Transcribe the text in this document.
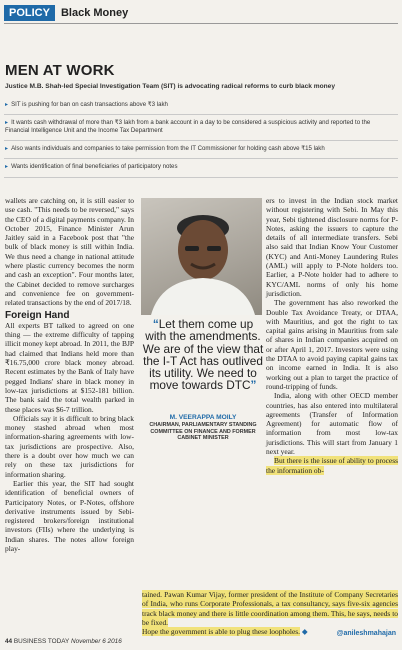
POLICY	Black Money
MEN AT WORK
Justice M.B. Shah-led Special Investigation Team (SIT) is advocating radical reforms to curb black money
▸ SIT is pushing for ban on cash transactions above ₹3 lakh
▸ It wants cash withdrawal of more than ₹3 lakh from a bank account in a day to be considered a suspicious activity and reported to the Financial Intelligence Unit and the Income Tax Department
▸ Also wants individuals and companies to take permission from the IT Commissioner for holding cash above ₹15 lakh
▸ Wants identification of final beneficiaries of participatory notes

wallets are catching on, it is still easier to use cash. "This needs to be reversed," says the CEO of a digital payments company. In October 2015, Finance Minister Arun Jaitley said in a Facebook post that "the bulk of black money is still within India. We thus need a change in national attitude where plastic currency becomes the norm and cash an exception". Four months later, the Cabinet decided to remove surcharges and convenience fee on government-related transactions by the end of 2017/18.

Foreign Hand

All experts BT talked to agreed on one thing — the extreme difficulty of tapping illicit money kept abroad. In 2011, the BJP had claimed that Indians held more than ₹16.75,000 crore black money abroad. Recent estimates by the Bank of Italy have pegged Indians' share in black money in low-tax jurisdictions at $152-181 billion. The bank said the total wealth parked in these places was $6-7 trillion.

Officials say it is difficult to bring black money stashed abroad when most information-sharing agreements with low-tax jurisdictions are prospective. Also, there is a doubt over how much we can rely on these tax jurisdictions for information sharing.

Earlier this year, the SIT had sought identification of beneficial owners of Participatory Notes, or P-Notes, offshore derivative instruments issued by Sebi-registered brokers/foreign institutional investors (FIIs) where the underlying is Indian shares. The notes allow foreign play-

“Let them come up with the amendments. We are of the view that the I-T Act has outlived its utility. We need to move towards DTC”
M. VEERAPPA MOILY
CHAIRMAN, PARLIAMENTARY STANDING COMMITTEE ON FINANCE AND FORMER CABINET MINISTER

ers to invest in the Indian stock market without registering with Sebi. In May this year, Sebi tightened disclosure norms for P-Notes, asking the issuers to capture the details of all intermediate transfers. Sebi also said that Indian Know Your Customer (KYC) and Anti-Money Laundering Rules (AML) will apply to P-Note holders too. Earlier, a P-Note holder had to adhere to KYC/AML norms of only his home jurisdiction.

The government has also reworked the Double Tax Avoidance Treaty, or DTAA, with Mauritius, and got the right to tax capital gains arising in Mauritius from sale of shares in Indian companies acquired on or after April 1, 2017. Investors were using the DTAA to avoid paying capital gains tax on income earned in India. It is also working out a plan to target the practice of round-tripping of funds.

India, along with other OECD member countries, has also entered into multilateral agreements (Transfer of Information Agreement) for automatic flow of information from most low-tax jurisdictions. This will start from January 1 next year.

But there is the issue of ability to process the information ob-

tained. Pawan Kumar Vijay, former president of the Institute of Company Secretaries of India, who runs Corporate Professionals, a tax consultancy, says five-six agencies track black money and there is little coordination among them. This, he says, needs to be fixed.
Hope the government is able to plug these loopholes. ◆	@anileshmahajan
44 BUSINESS TODAY November 6 2016
